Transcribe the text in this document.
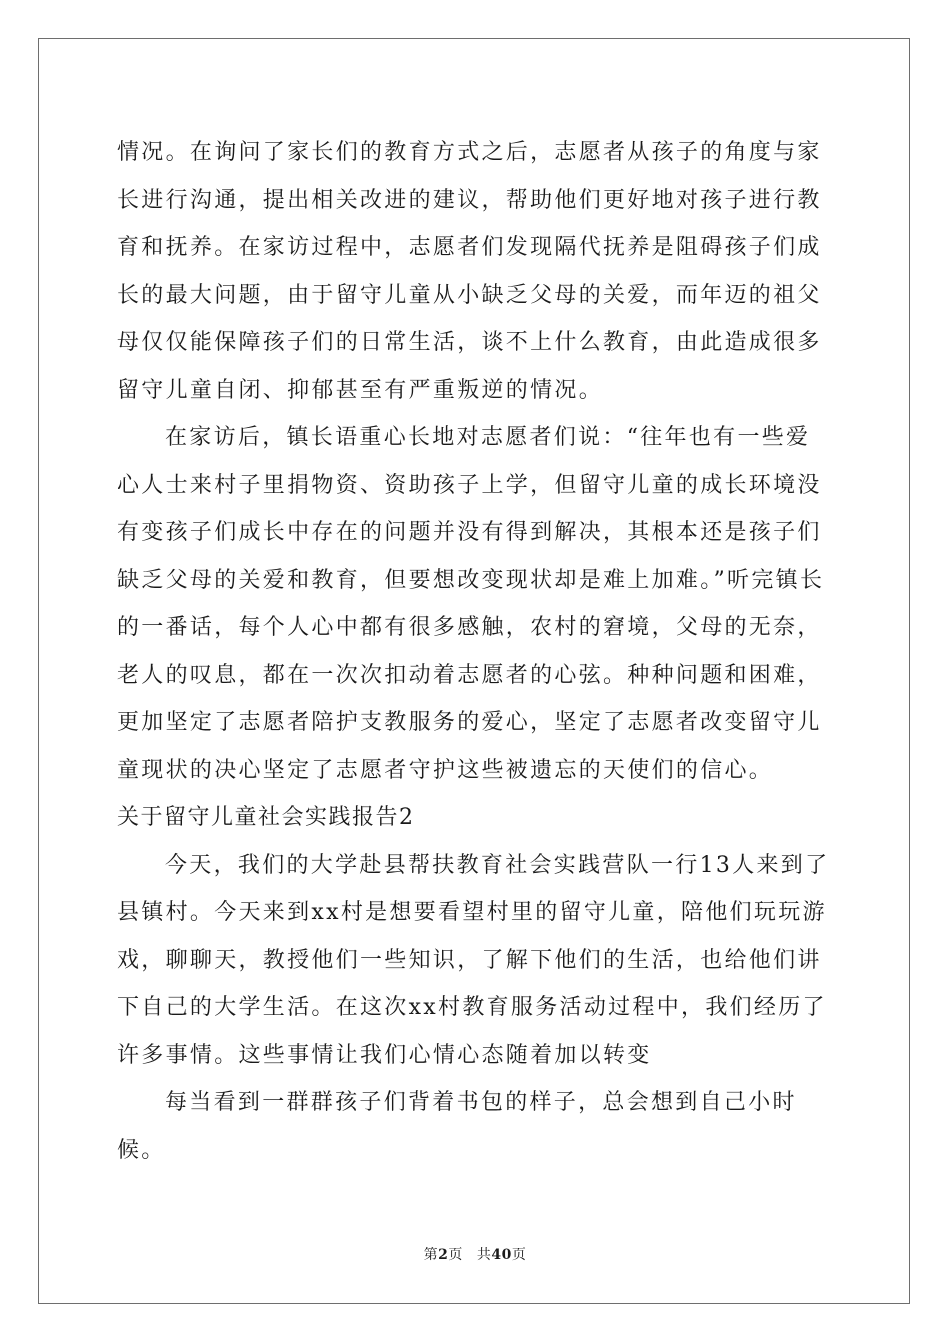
情况。在询问了家长们的教育方式之后，志愿者从孩子的角度与家长进行沟通，提出相关改进的建议，帮助他们更好地对孩子进行教育和抚养。在家访过程中，志愿者们发现隔代抚养是阻碍孩子们成长的最大问题，由于留守儿童从小缺乏父母的关爱，而年迈的祖父母仅仅能保障孩子们的日常生活，谈不上什么教育，由此造成很多留守儿童自闭、抑郁甚至有严重叛逆的情况。

在家访后，镇长语重心长地对志愿者们说：“往年也有一些爱心人士来村子里捐物资、资助孩子上学，但留守儿童的成长环境没有变孩子们成长中存在的问题并没有得到解决，其根本还是孩子们缺乏父母的关爱和教育，但要想改变现状却是难上加难。”听完镇长的一番话，每个人心中都有很多感触，农村的窘境，父母的无奈，老人的叹息，都在一次次扣动着志愿者的心弦。种种问题和困难，更加坚定了志愿者陪护支教服务的爱心，坚定了志愿者改变留守儿童现状的决心坚定了志愿者守护这些被遗忘的天使们的信心。

关于留守儿童社会实践报告2

今天，我们的大学赴县帮扶教育社会实践营队一行13人来到了县镇村。今天来到xx村是想要看望村里的留守儿童，陪他们玩玩游戏，聊聊天，教授他们一些知识，了解下他们的生活，也给他们讲下自己的大学生活。在这次xx村教育服务活动过程中，我们经历了许多事情。这些事情让我们心情心态随着加以转变

每当看到一群群孩子们背着书包的样子，总会想到自己小时候。

第2页 共40页
